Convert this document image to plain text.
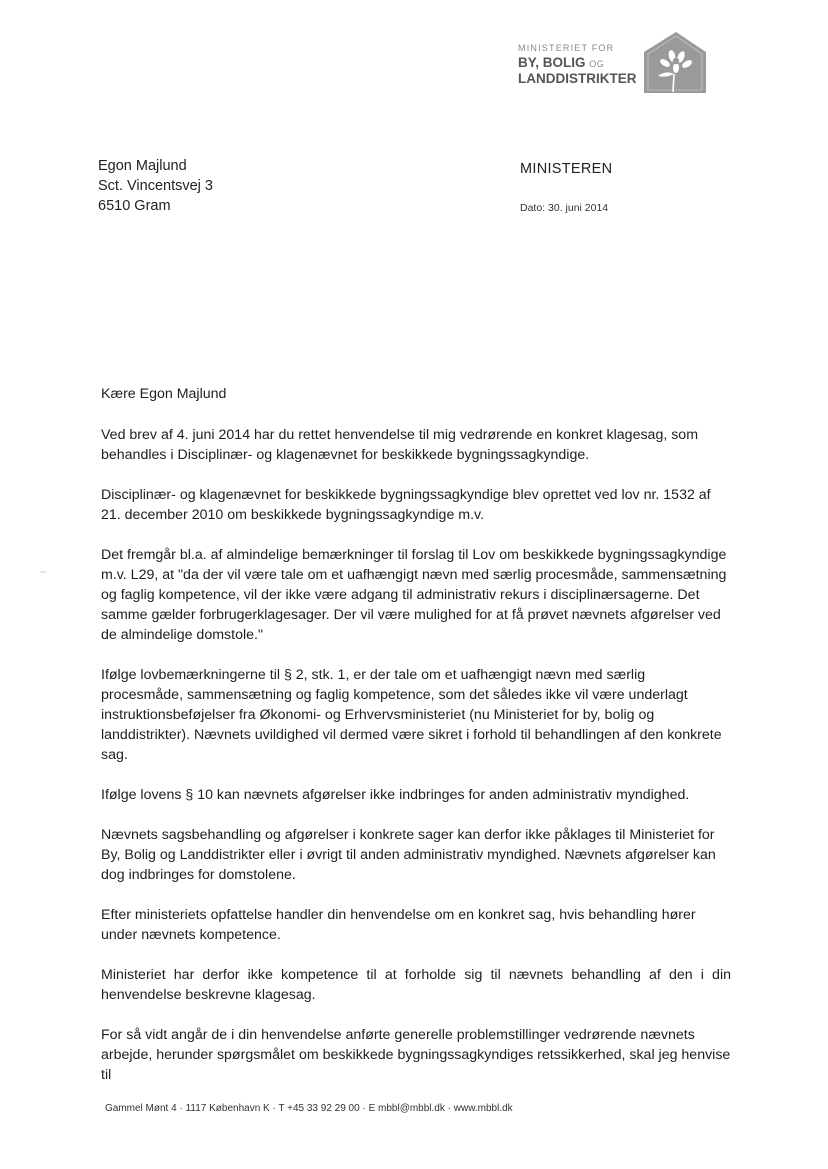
MINISTERIET FOR
BY, BOLIG OG
LANDDISTRIKTER
Egon Majlund
Sct. Vincentsvej 3
6510 Gram
MINISTEREN
Dato: 30. juni 2014

Kære Egon Majlund

Ved brev af 4. juni 2014 har du rettet henvendelse til mig vedrørende en konkret klagesag, som behandles i Disciplinær- og klagenævnet for beskikkede bygningssagkyndige.

Disciplinær- og klagenævnet for beskikkede bygningssagkyndige blev oprettet ved lov nr. 1532 af 21. december 2010 om beskikkede bygningssagkyndige m.v.

Det fremgår bl.a. af almindelige bemærkninger til forslag til Lov om beskikkede bygningssagkyndige m.v. L29, at "da der vil være tale om et uafhængigt nævn med særlig procesmåde, sammensætning og faglig kompetence, vil der ikke være adgang til administrativ rekurs i disciplinærsagerne. Det samme gælder forbrugerklagesager. Der vil være mulighed for at få prøvet nævnets afgørelser ved de almindelige domstole."

Ifølge lovbemærkningerne til § 2, stk. 1, er der tale om et uafhængigt nævn med særlig procesmåde, sammensætning og faglig kompetence, som det således ikke vil være underlagt instruktionsbeføjelser fra Økonomi- og Erhvervsministeriet (nu Ministeriet for by, bolig og landdistrikter). Nævnets uvildighed vil dermed være sikret i forhold til behandlingen af den konkrete sag.

Ifølge lovens § 10 kan nævnets afgørelser ikke indbringes for anden administrativ myndighed.

Nævnets sagsbehandling og afgørelser i konkrete sager kan derfor ikke påklages til Ministeriet for By, Bolig og Landdistrikter eller i øvrigt til anden administrativ myndighed. Nævnets afgørelser kan dog indbringes for domstolene.

Efter ministeriets opfattelse handler din henvendelse om en konkret sag, hvis behandling hører under nævnets kompetence.

Ministeriet har derfor ikke kompetence til at forholde sig til nævnets behandling af den i din henvendelse beskrevne klagesag.

For så vidt angår de i din henvendelse anførte generelle problemstillinger vedrørende nævnets arbejde, herunder spørgsmålet om beskikkede bygningssagkyndiges retssikkerhed, skal jeg henvise til

Gammel Mønt 4 · 1117 København K · T +45 33 92 29 00 · E mbbl@mbbl.dk · www.mbbl.dk
